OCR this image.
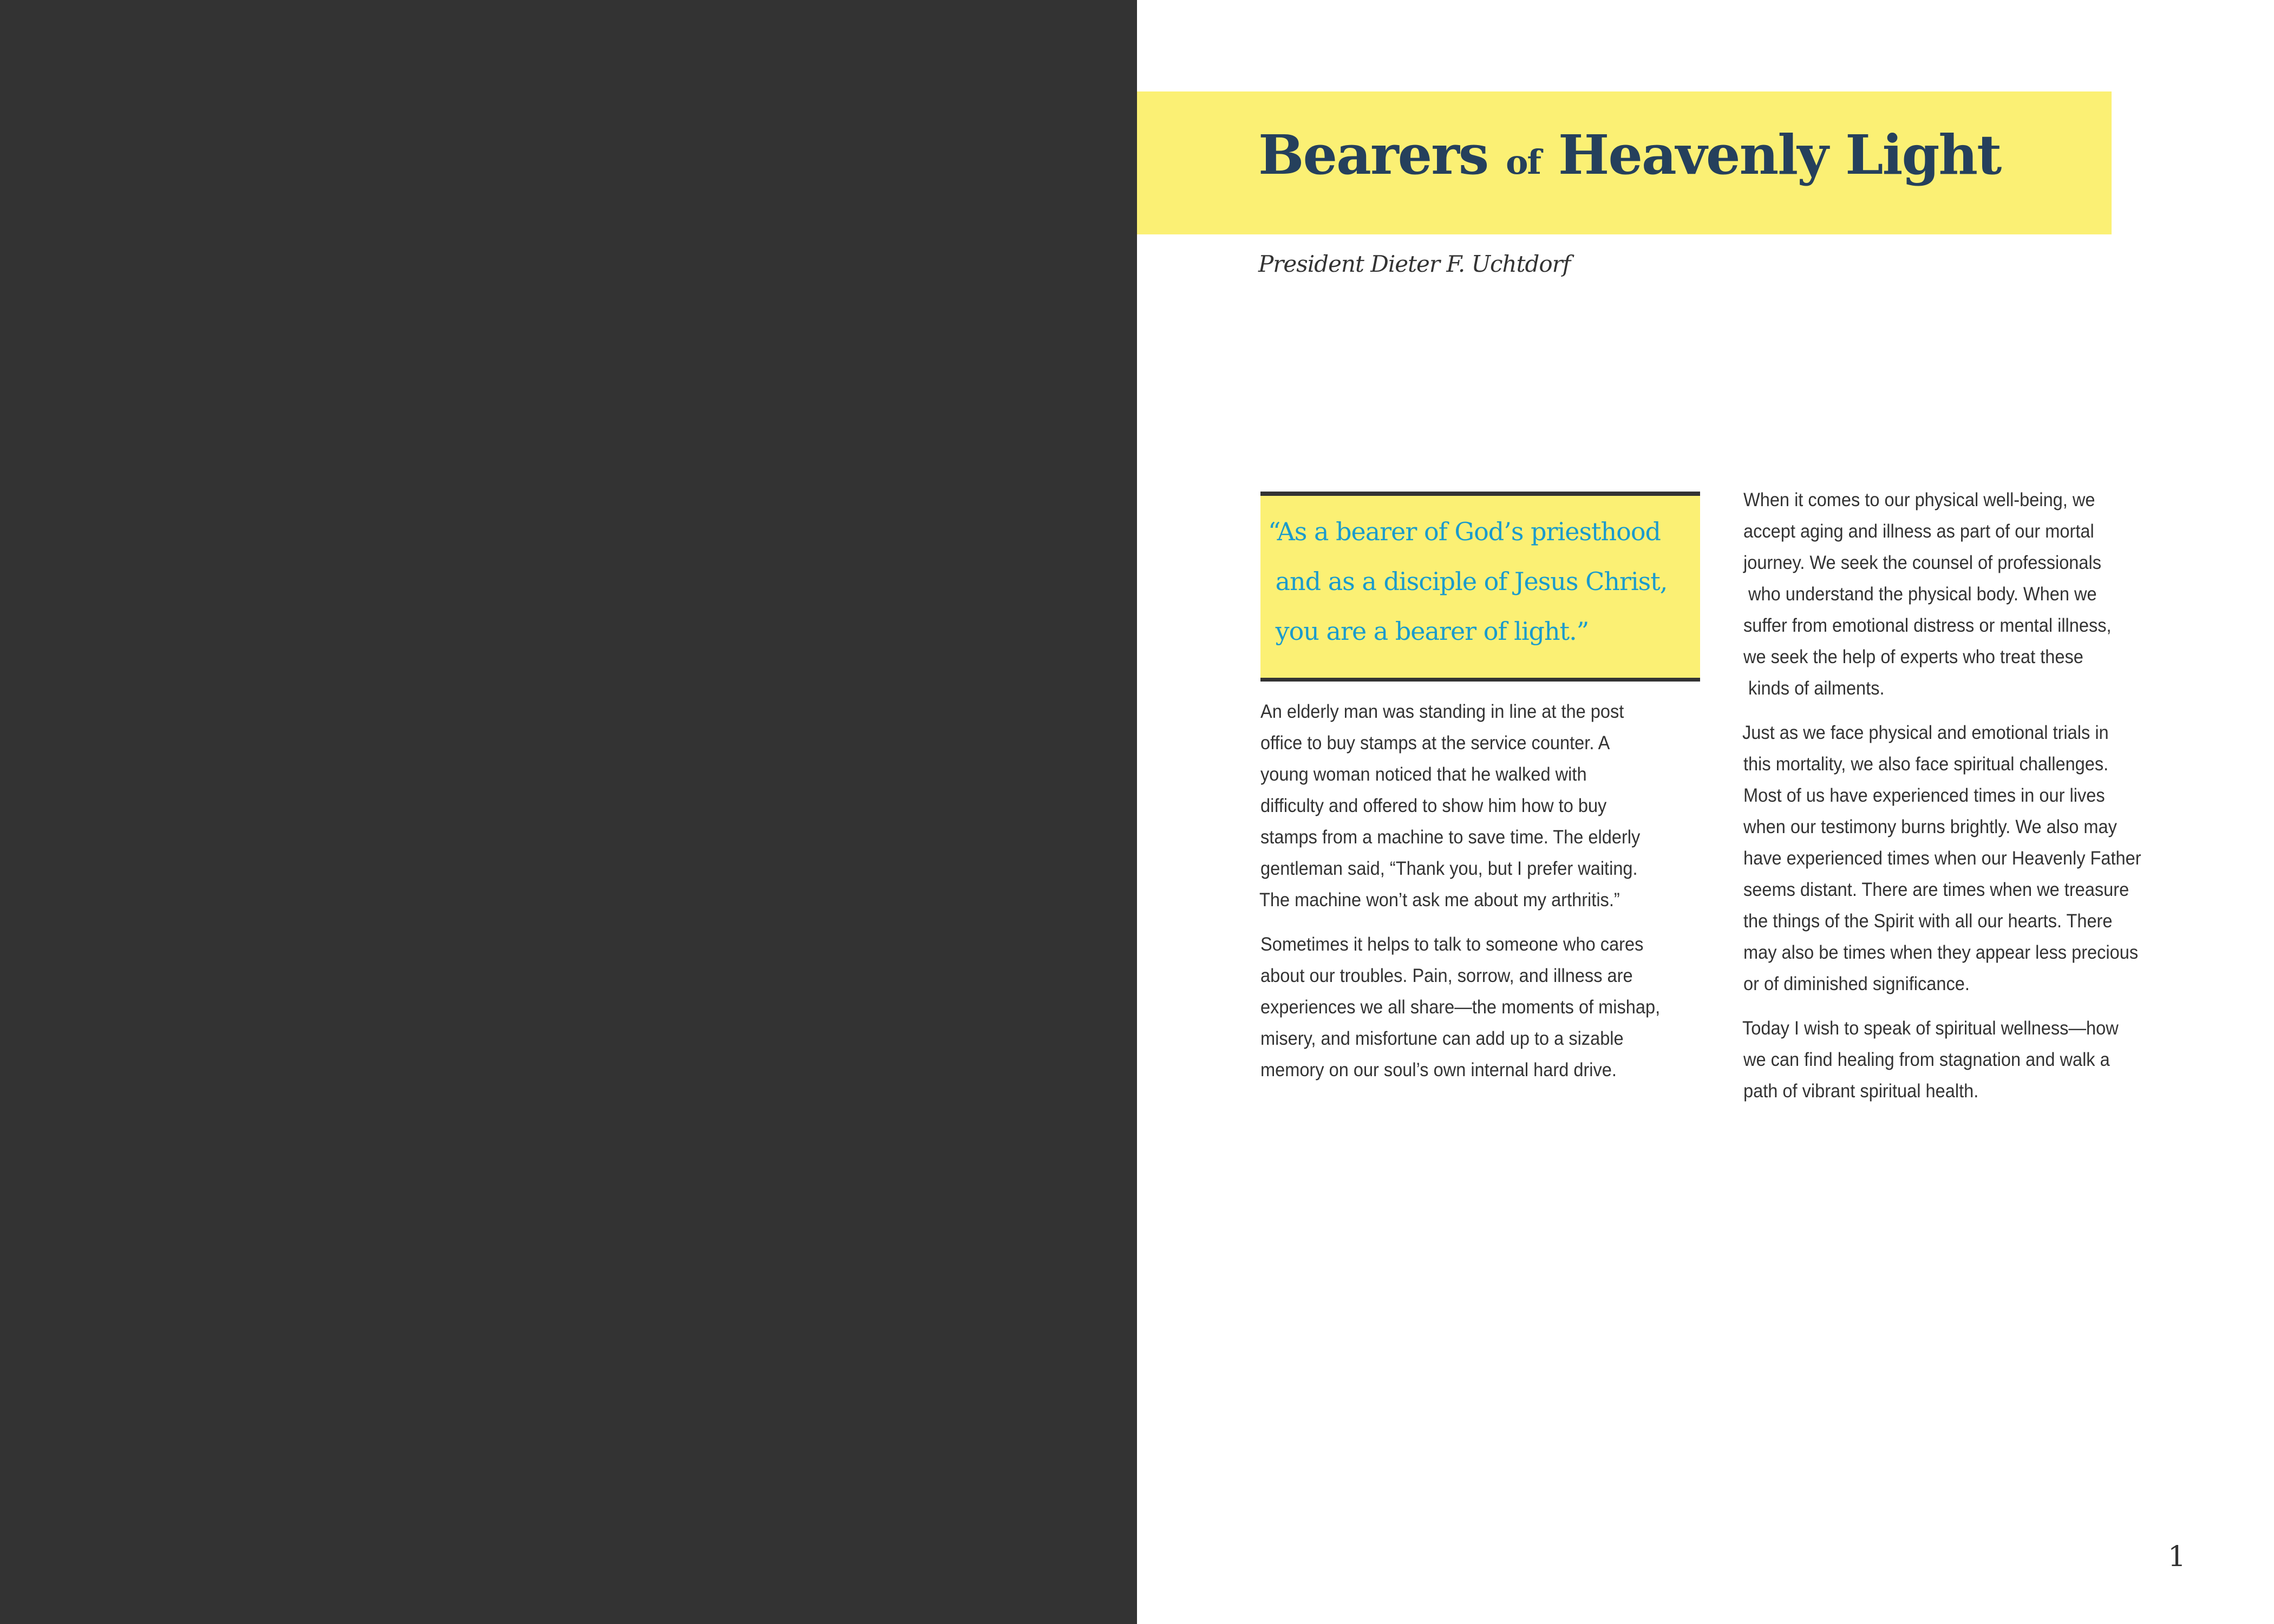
Bearers of Heavenly Light
President Dieter F. Uchtdorf
“As a bearer of God’s priesthood
and as a disciple of Jesus Christ,
you are a bearer of light.”
An elderly man was standing in line at the post
office to buy stamps at the service counter. A
young woman noticed that he walked with
difficulty and offered to show him how to buy
stamps from a machine to save time. The elderly
gentleman said, “Thank you, but I prefer waiting.
The machine won’t ask me about my arthritis.”
Sometimes it helps to talk to someone who cares
about our troubles. Pain, sorrow, and illness are
experiences we all share—the moments of mishap,
misery, and misfortune can add up to a sizable
memory on our soul’s own internal hard drive.
When it comes to our physical well-being, we
accept aging and illness as part of our mortal
journey. We seek the counsel of professionals
who understand the physical body. When we
suffer from emotional distress or mental illness,
we seek the help of experts who treat these
kinds of ailments.
Just as we face physical and emotional trials in
this mortality, we also face spiritual challenges.
Most of us have experienced times in our lives
when our testimony burns brightly. We also may
have experienced times when our Heavenly Father
seems distant. There are times when we treasure
the things of the Spirit with all our hearts. There
may also be times when they appear less precious
or of diminished significance.
Today I wish to speak of spiritual wellness—how
we can find healing from stagnation and walk a
path of vibrant spiritual health.
1
